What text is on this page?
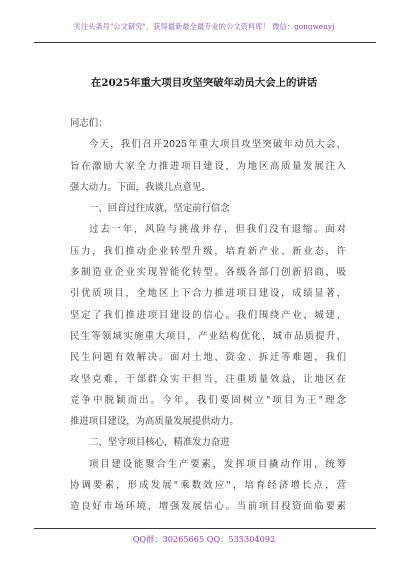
关注头条号"公文研究"，获得最新最全最专业的公文资料库！ 微信：gongwenyj
在2025年重大项目攻坚突破年动员大会上的讲话

同志们：

今天，我们召开2025年重大项目攻坚突破年动员大会，

旨在激励大家全力推进项目建设，为地区高质量发展注入

强大动力。下面，我谈几点意见。

一、回首过往成就，坚定前行信念

过去一年，风险与挑战并存，但我们没有退缩。面对

压力，我们推动企业转型升级，培育新产业、新业态，许

多制造业企业实现智能化转型。各级各部门创新招商，吸

引优质项目，全地区上下合力推进项目建设，成绩显著，

坚定了我们推进项目建设的信心。我们围绕产业、城建、

民生等领域实施重大项目，产业结构优化，城市品质提升，

民生问题有效解决。面对土地、资金、拆迁等难题，我们

攻坚克难，干部群众实干担当，注重质量效益，让地区在

竞争中脱颖而出。今年，我们要固树立"项目为王"理念

推进项目建设，为高质量发展提供动力。

二、坚守项目核心，精准发力奋进

项目建设能聚合生产要素，发挥项目撬动作用，统筹

协调要素，形成发展"乘数效应"，培育经济增长点，营

造良好市场环境，增强发展信心。当前项目投资面临要素

QQ群：30265665 QQ：535304092
